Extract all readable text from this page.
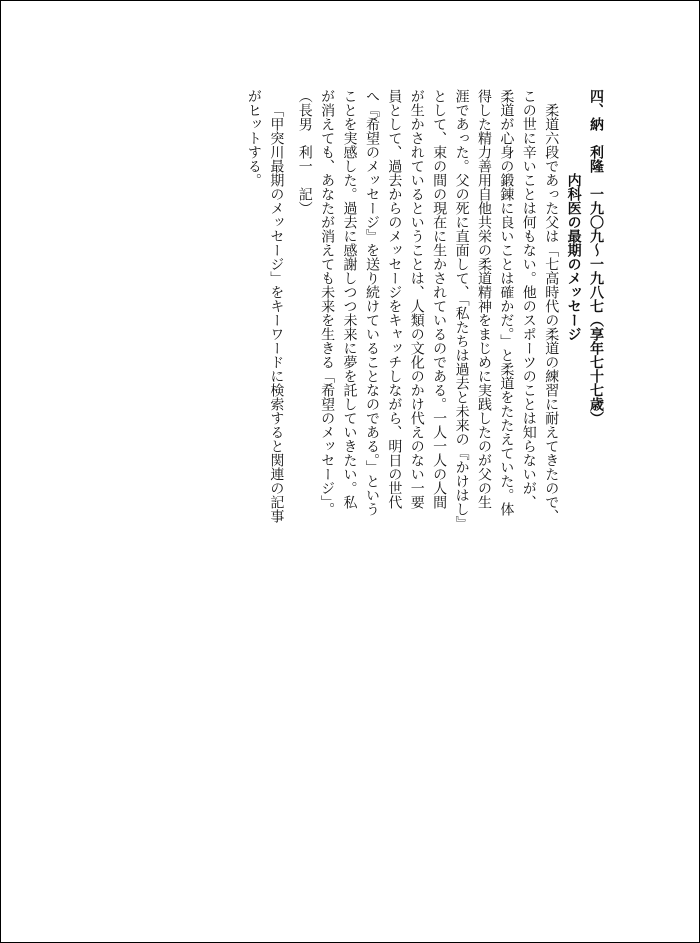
四、納　利隆　一九〇九～一九八七（享年七十七歳）
内科医の最期のメッセージ
柔道六段であった父は「七高時代の柔道の練習に耐えてきたので、
この世に辛いことは何もない。他のスポーツのことは知らないが、
柔道が心身の鍛錬に良いことは確かだ。」と柔道をたたえていた。体
得した精力善用自他共栄の柔道精神をまじめに実践したのが父の生
涯であった。父の死に直面して、「私たちは過去と未来の『かけはし』
として、束の間の現在に生かされているのである。一人一人の人間
が生かされているということは、人類の文化のかけ代えのない一要
員として、過去からのメッセージをキャッチしながら、明日の世代
へ『希望のメッセージ』を送り続けていることなのである。」という
ことを実感した。過去に感謝しつつ未来に夢を託していきたい。私
が消えても、あなたが消えても未来を生きる「希望のメッセージ」。
（長男　利一　記）
「甲突川最期のメッセージ」をキーワードに検索すると関連の記事
がヒットする。
